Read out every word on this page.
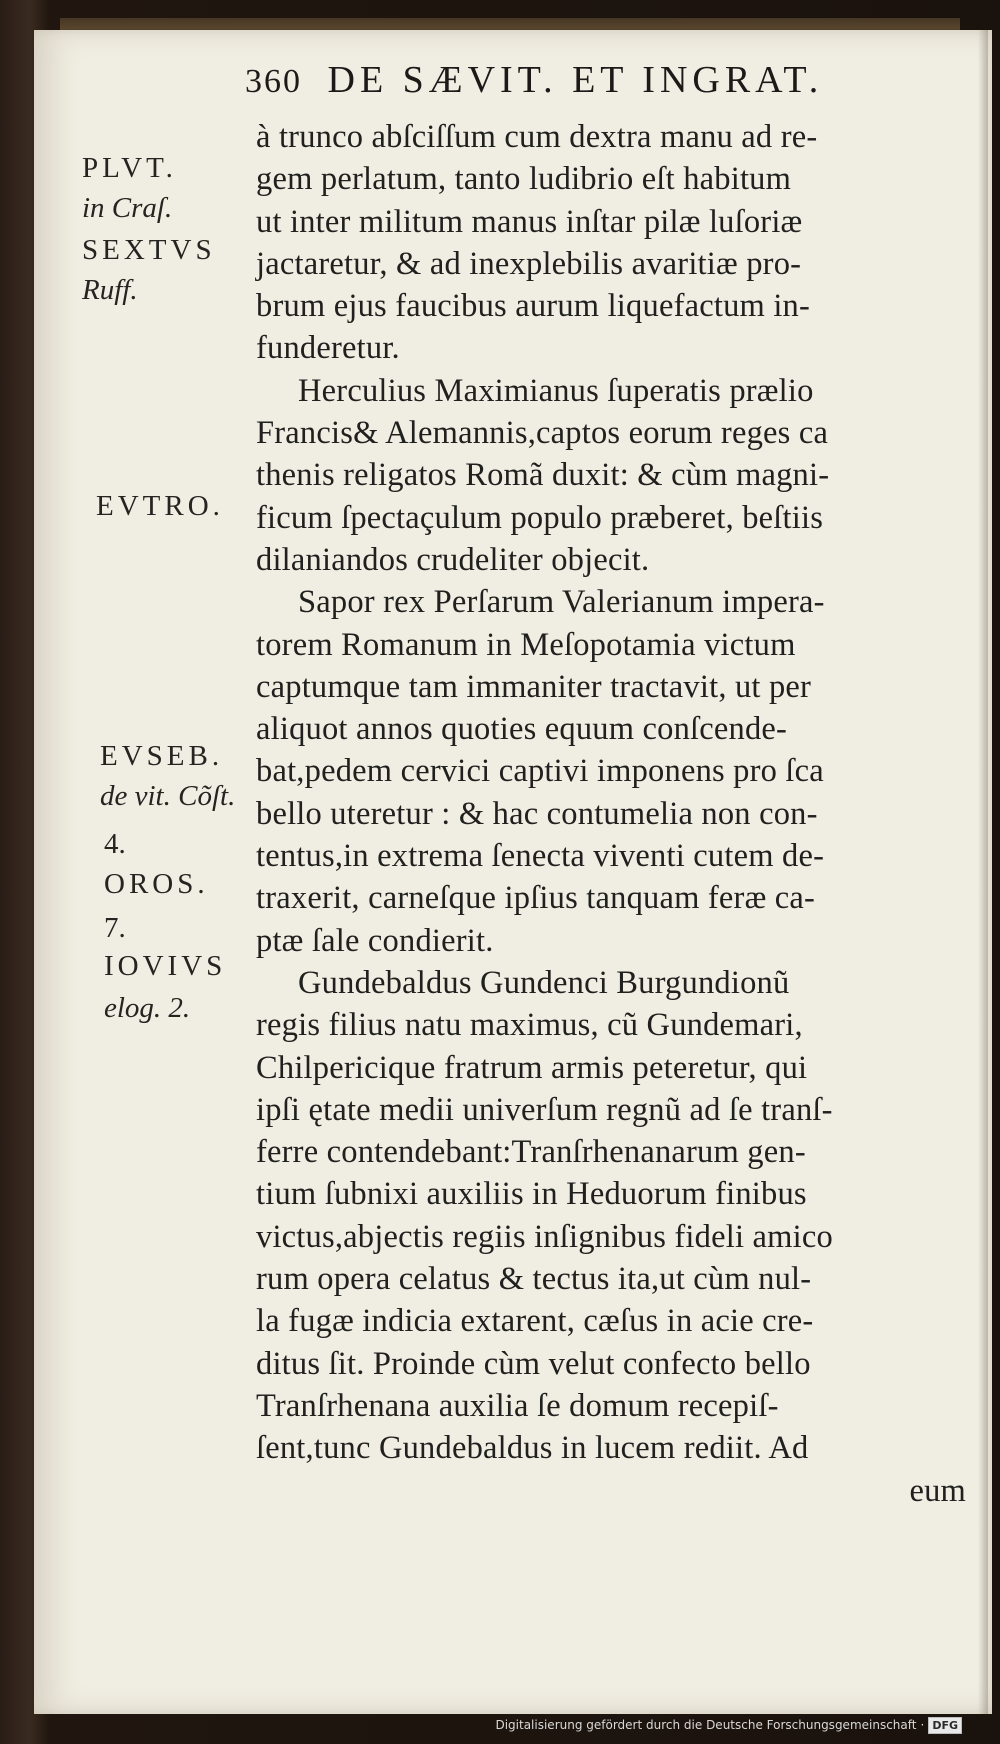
360 DE SÆVIT. ET INGRAT.
PLVT.
in Craſ.
SEXTVS
Ruff.
EVTRO.
EVSEB.
de vit. Cõſt.
4.
OROS.
7.
IOVIVS
elog. 2.
à trunco abſciſſum cum dextra manu ad re-
gem perlatum, tanto ludibrio eſt habitum
ut inter militum manus inſtar pilæ luſoriæ
jactaretur, & ad inexplebilis avaritiæ pro-
brum ejus faucibus aurum liquefactum in-
funderetur.
Herculius Maximianus ſuperatis prælio
Francis& Alemannis,captos eorum reges ca
thenis religatos Romã duxit: & cùm magni-
ficum ſpectaçulum populo præberet, beſtiis
dilaniandos crudeliter objecit.
Sapor rex Perſarum Valerianum impera-
torem Romanum in Meſopotamia victum
captumque tam immaniter tractavit, ut per
aliquot annos quoties equum conſcende-
bat,pedem cervici captivi imponens pro ſca
bello uteretur : & hac contumelia non con-
tentus,in extrema ſenecta viventi cutem de-
traxerit, carneſque ipſius tanquam feræ ca-
ptæ ſale condierit.
Gundebaldus Gundenci Burgundionũ
regis filius natu maximus, cũ Gundemari,
Chilpericique fratrum armis peteretur, qui
ipſi ętate medii univerſum regnũ ad ſe tranſ-
ferre contendebant:Tranſrhenanarum gen-
tium ſubnixi auxiliis in Heduorum finibus
victus,abjectis regiis inſignibus fideli amico
rum opera celatus & tectus ita,ut cùm nul-
la fugæ indicia extarent, cæſus in acie cre-
ditus ſit. Proinde cùm velut confecto bello
Tranſrhenana auxilia ſe domum recepiſ-
ſent,tunc Gundebaldus in lucem rediit. Ad
eum
Digitalisierung gefördert durch die Deutsche Forschungsgemeinschaft · DFG
